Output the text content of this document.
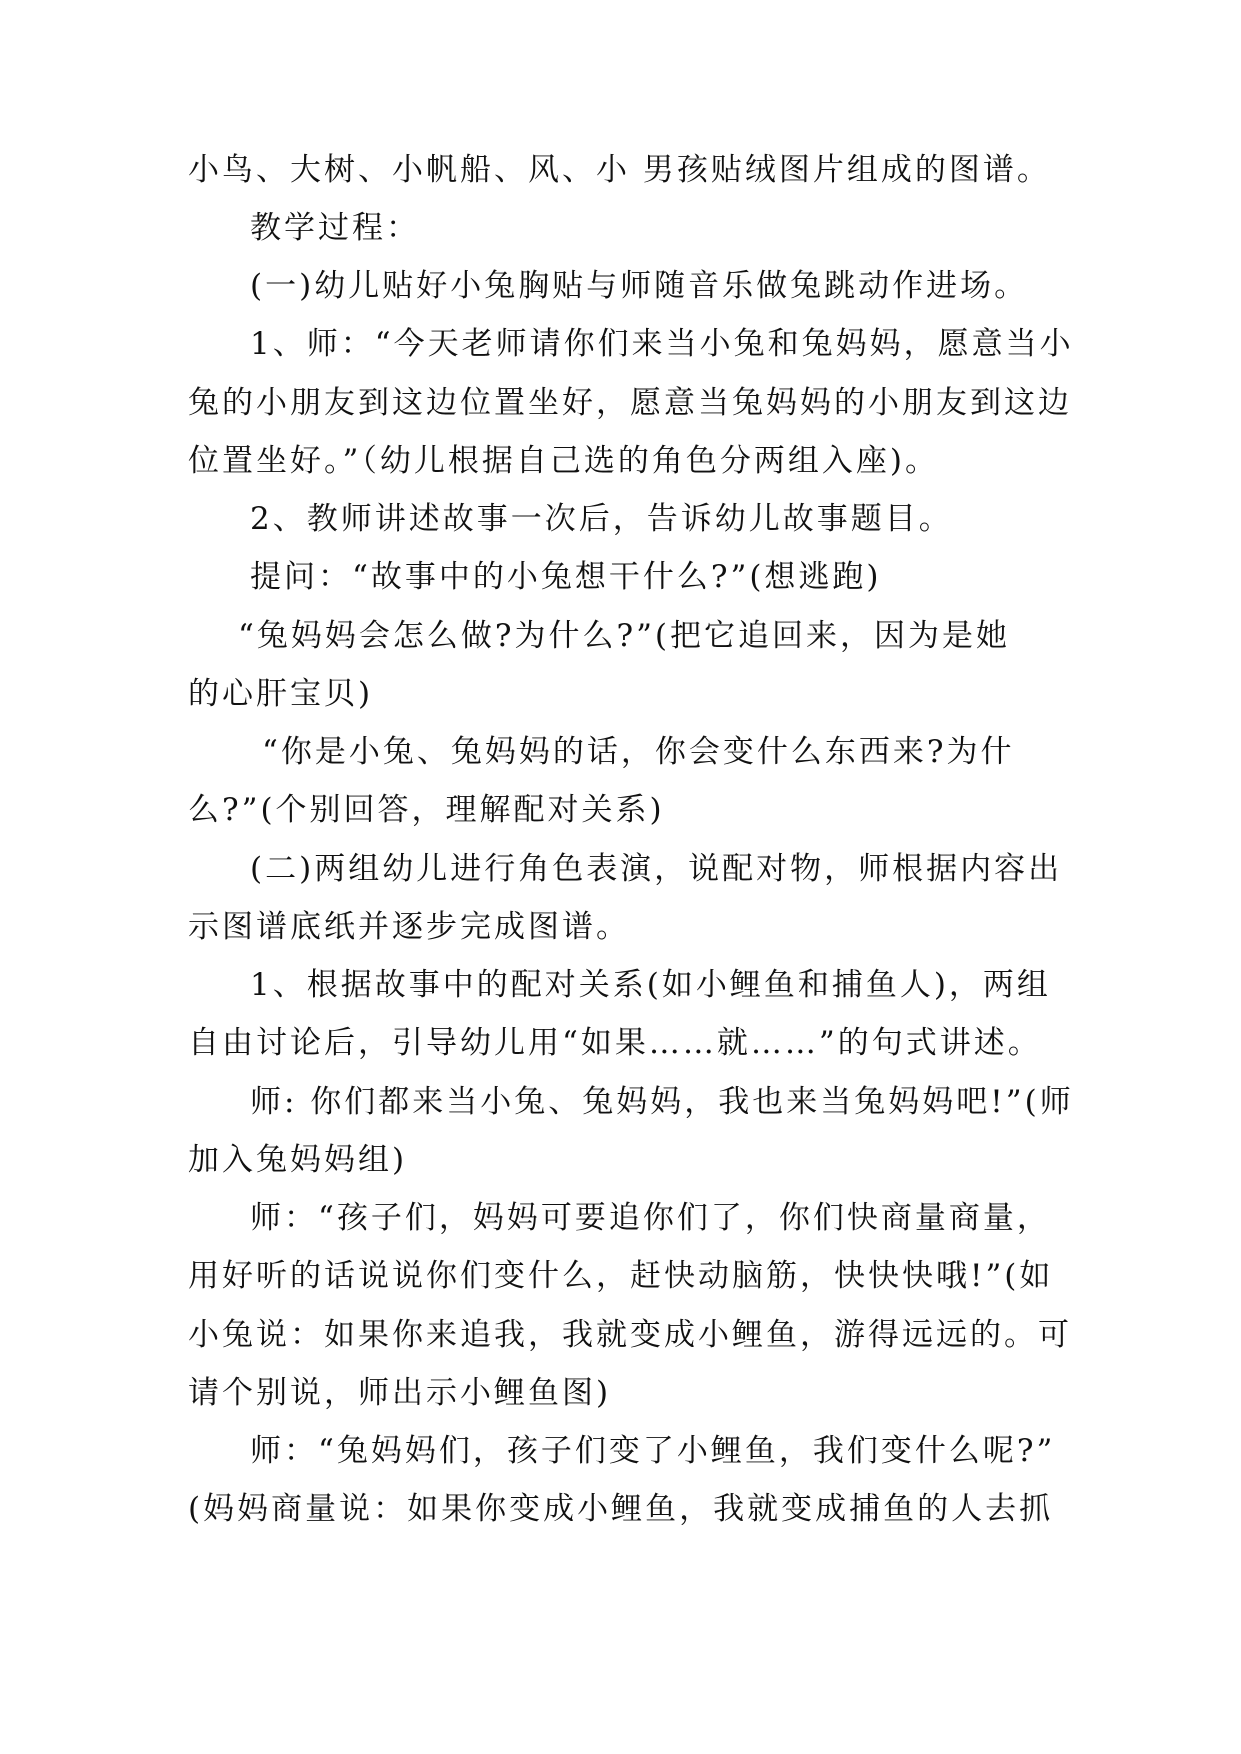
小鸟、大树、小帆船、风、小 男孩贴绒图片组成的图谱。
教学过程：
(一)幼儿贴好小兔胸贴与师随音乐做兔跳动作进场。
1、师：“今天老师请你们来当小兔和兔妈妈，愿意当小
兔的小朋友到这边位置坐好，愿意当兔妈妈的小朋友到这边
位置坐好。”（幼儿根据自己选的角色分两组入座)。
2、教师讲述故事一次后，告诉幼儿故事题目。
提问：“故事中的小兔想干什么?”(想逃跑)
“兔妈妈会怎么做?为什么?”(把它追回来，因为是她
的心肝宝贝)
“你是小兔、兔妈妈的话，你会变什么东西来?为什
么?”(个别回答，理解配对关系)
(二)两组幼儿进行角色表演，说配对物，师根据内容出
示图谱底纸并逐步完成图谱。
1、根据故事中的配对关系(如小鲤鱼和捕鱼人)，两组
自由讨论后，引导幼儿用“如果……就……”的句式讲述。
师: 你们都来当小兔、兔妈妈，我也来当兔妈妈吧!”(师
加入兔妈妈组)
师：“孩子们，妈妈可要追你们了，你们快商量商量，
用好听的话说说你们变什么，赶快动脑筋，快快快哦!”(如
小兔说：如果你来追我，我就变成小鲤鱼，游得远远的。可
请个别说，师出示小鲤鱼图)
师：“兔妈妈们，孩子们变了小鲤鱼，我们变什么呢?”
(妈妈商量说：如果你变成小鲤鱼，我就变成捕鱼的人去抓
